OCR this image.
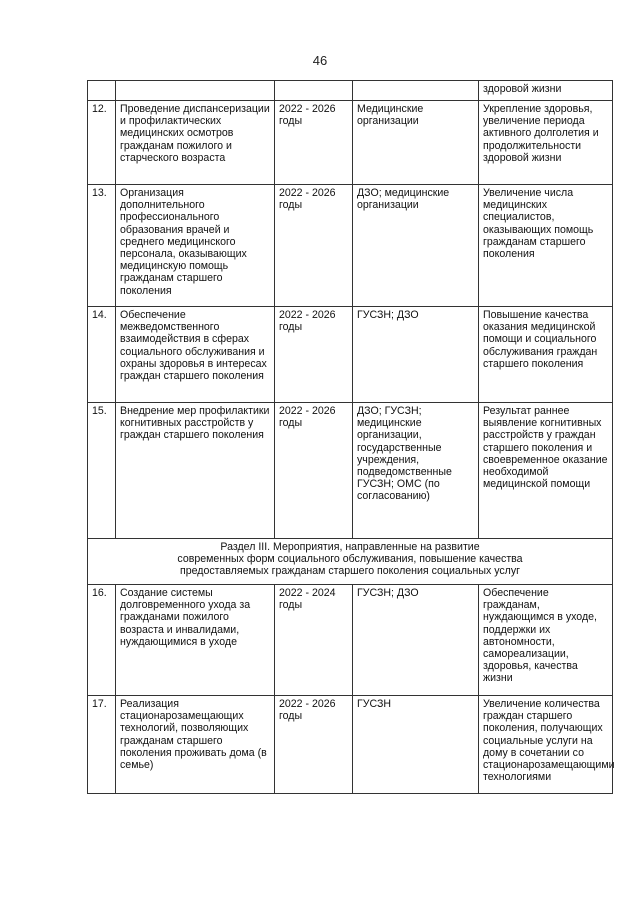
46
				здоровой жизни
12.	Проведение диспансеризации и профилактических медицинских осмотров гражданам пожилого и старческого возраста	2022 - 2026 годы	Медицинские организации	Укрепление здоровья, увеличение периода активного долголетия и продолжительности здоровой жизни
13.	Организация дополнительного профессионального образования врачей и среднего медицинского персонала, оказывающих медицинскую помощь гражданам старшего поколения	2022 - 2026 годы	ДЗО; медицинские организации	Увеличение числа медицинских специалистов, оказывающих помощь гражданам старшего поколения
14.	Обеспечение межведомственного взаимодействия в сферах социального обслуживания и охраны здоровья в интересах граждан старшего поколения	2022 - 2026 годы	ГУСЗН; ДЗО	Повышение качества оказания медицинской помощи и социального обслуживания граждан старшего поколения
15.	Внедрение мер профилактики когнитивных расстройств у граждан старшего поколения	2022 - 2026 годы	ДЗО; ГУСЗН; медицинские организации, государственные учреждения, подведомственные ГУСЗН; ОМС (по согласованию)	Результат раннее выявление когнитивных расстройств у граждан старшего поколения и своевременное оказание необходимой медицинской помощи

Раздел III. Мероприятия, направленные на развитие
современных форм социального обслуживания, повышение качества
предоставляемых гражданам старшего поколения социальных услуг				

16.	Создание системы долговременного ухода за гражданами пожилого возраста и инвалидами, нуждающимися в уходе	2022 - 2024 годы	ГУСЗН; ДЗО	Обеспечение гражданам, нуждающимся в уходе, поддержки их автономности, самореализации, здоровья, качества жизни
17.	Реализация стационарозамещающих технологий, позволяющих гражданам старшего поколения проживать дома (в семье)	2022 - 2026 годы	ГУСЗН	Увеличение количества граждан старшего поколения, получающих социальные услуги на дому в сочетании со стационарозамещающими технологиями
